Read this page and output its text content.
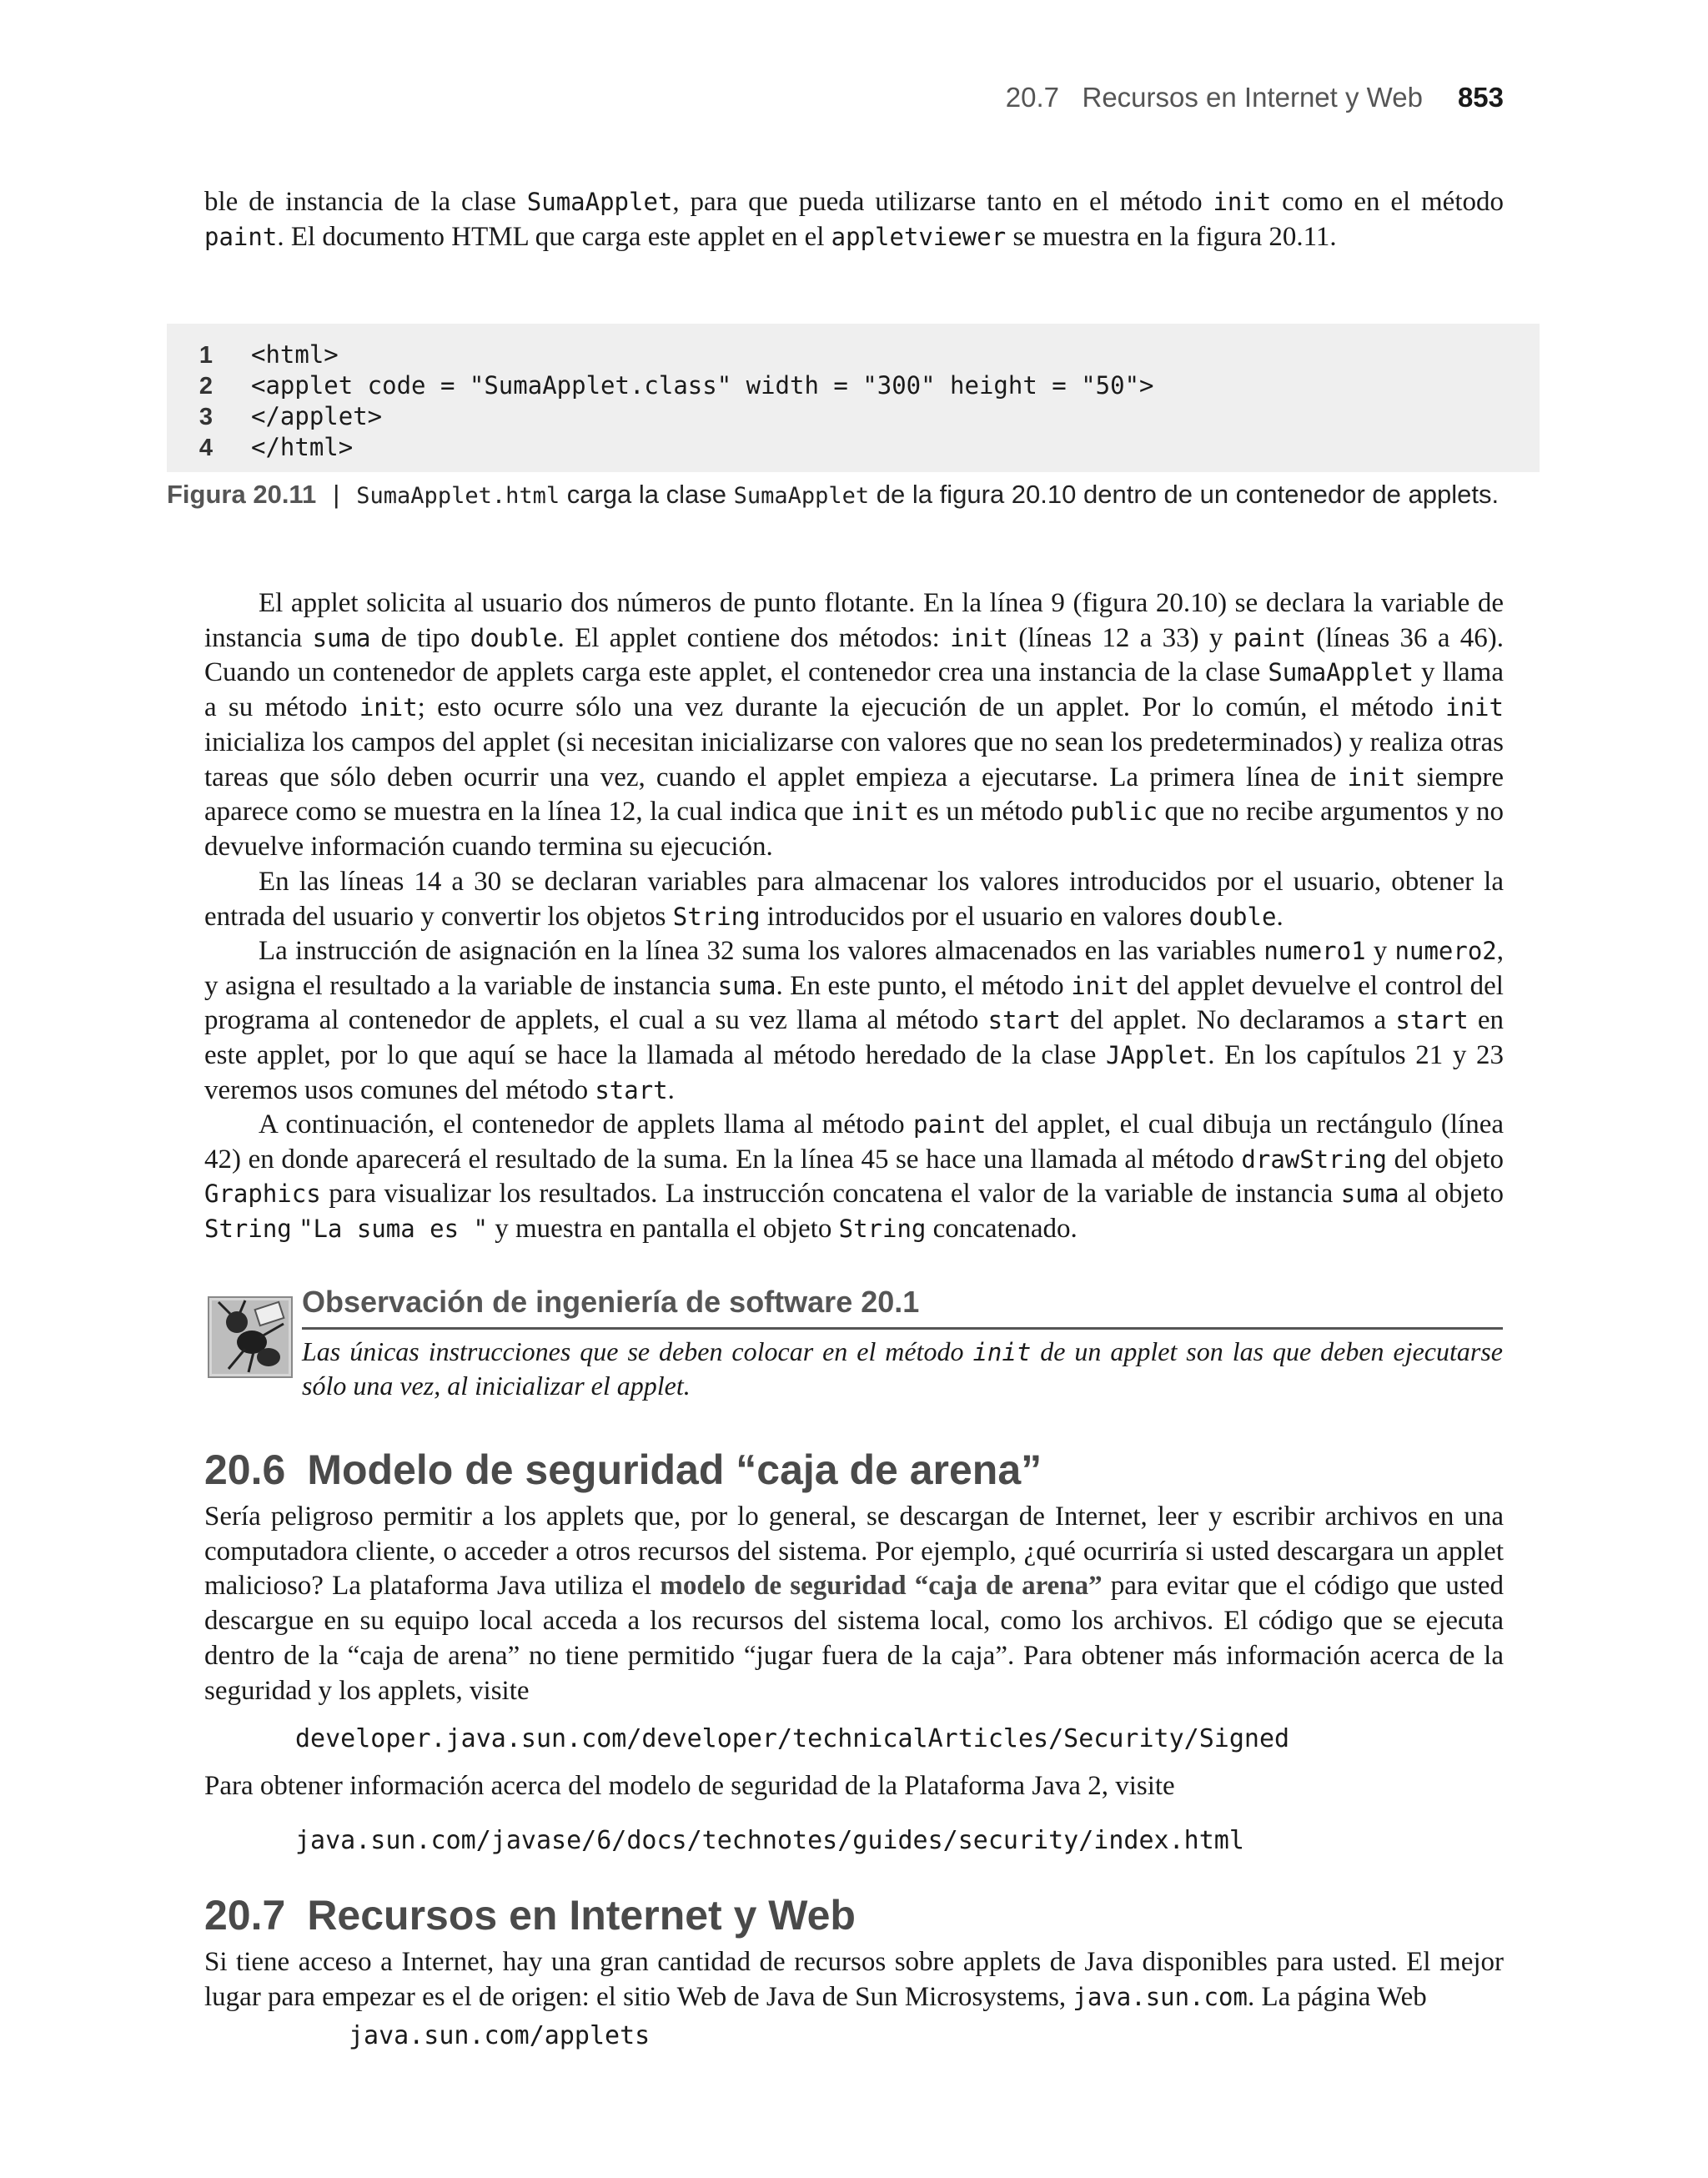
20.7 Recursos en Internet y Web 853

ble de instancia de la clase SumaApplet, para que pueda utilizarse tanto en el método init como en el método paint. El documento HTML que carga este applet en el appletviewer se muestra en la figura 20.11.

1 <html>
2 <applet code = "SumaApplet.class" width = "300" height = "50">
3 </applet>
4 </html>
Figura 20.11 | SumaApplet.html carga la clase SumaApplet de la figura 20.10 dentro de un contenedor de applets.

El applet solicita al usuario dos números de punto flotante. En la línea 9 (figura 20.10) se declara la variable de instancia suma de tipo double. El applet contiene dos métodos: init (líneas 12 a 33) y paint (líneas 36 a 46). Cuando un contenedor de applets carga este applet, el contenedor crea una instancia de la clase SumaApplet y llama a su método init; esto ocurre sólo una vez durante la ejecución de un applet. Por lo común, el método init inicializa los campos del applet (si necesitan inicializarse con valores que no sean los predeterminados) y realiza otras tareas que sólo deben ocurrir una vez, cuando el applet empieza a ejecutarse. La primera línea de init siempre aparece como se muestra en la línea 12, la cual indica que init es un método public que no recibe argumentos y no devuelve información cuando termina su ejecución.

En las líneas 14 a 30 se declaran variables para almacenar los valores introducidos por el usuario, obtener la entrada del usuario y convertir los objetos String introducidos por el usuario en valores double.

La instrucción de asignación en la línea 32 suma los valores almacenados en las variables numero1 y numero2, y asigna el resultado a la variable de instancia suma. En este punto, el método init del applet devuelve el control del programa al contenedor de applets, el cual a su vez llama al método start del applet. No declaramos a start en este applet, por lo que aquí se hace la llamada al método heredado de la clase JApplet. En los capítulos 21 y 23 veremos usos comunes del método start.

A continuación, el contenedor de applets llama al método paint del applet, el cual dibuja un rectángulo (línea 42) en donde aparecerá el resultado de la suma. En la línea 45 se hace una llamada al método drawString del objeto Graphics para visualizar los resultados. La instrucción concatena el valor de la variable de instancia suma al objeto String "La suma es " y muestra en pantalla el objeto String concatenado.

Observación de ingeniería de software 20.1

Las únicas instrucciones que se deben colocar en el método init de un applet son las que deben ejecutarse sólo una vez, al inicializar el applet.

20.6 Modelo de seguridad “caja de arena”

Sería peligroso permitir a los applets que, por lo general, se descargan de Internet, leer y escribir archivos en una computadora cliente, o acceder a otros recursos del sistema. Por ejemplo, ¿qué ocurriría si usted descargara un applet malicioso? La plataforma Java utiliza el modelo de seguridad “caja de arena” para evitar que el código que usted descargue en su equipo local acceda a los recursos del sistema local, como los archivos. El código que se ejecuta dentro de la “caja de arena” no tiene permitido “jugar fuera de la caja”. Para obtener más información acerca de la seguridad y los applets, visite

developer.java.sun.com/developer/technicalArticles/Security/Signed

Para obtener información acerca del modelo de seguridad de la Plataforma Java 2, visite

java.sun.com/javase/6/docs/technotes/guides/security/index.html
20.7 Recursos en Internet y Web

Si tiene acceso a Internet, hay una gran cantidad de recursos sobre applets de Java disponibles para usted. El mejor lugar para empezar es el de origen: el sitio Web de Java de Sun Microsystems, java.sun.com. La página Web

java.sun.com/applets
